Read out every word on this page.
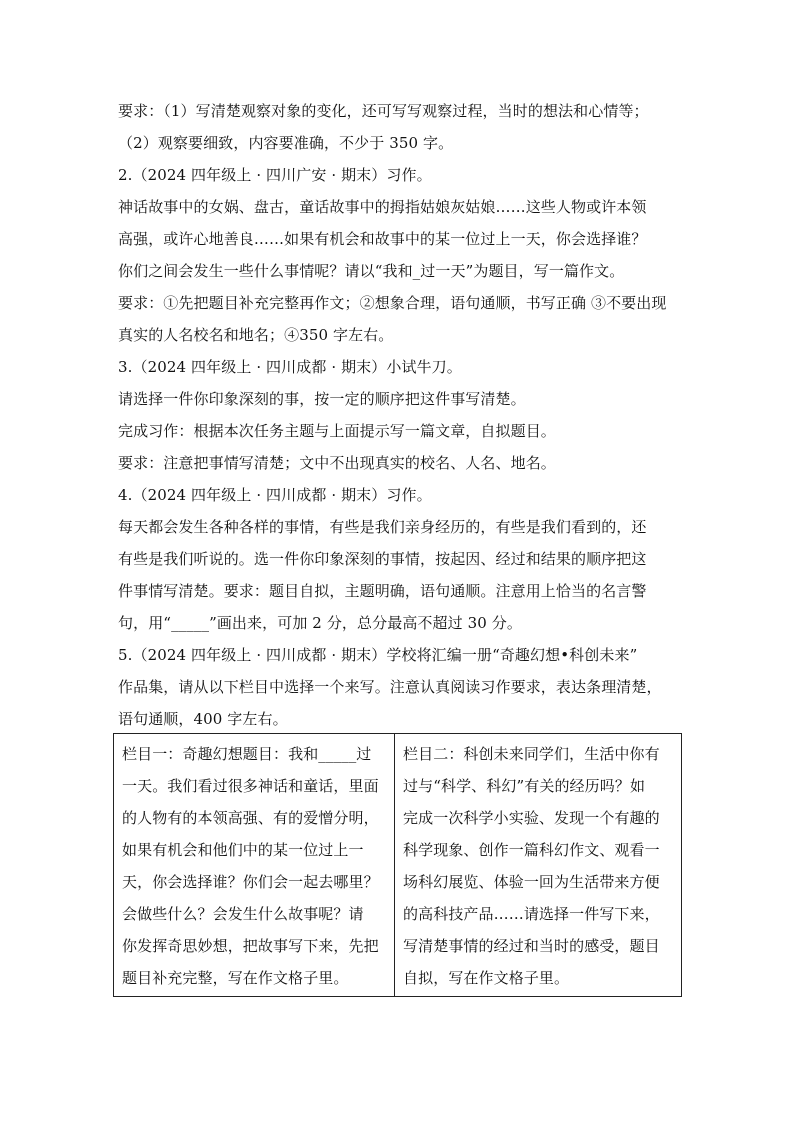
要求：（1）写清楚观察对象的变化，还可写写观察过程，当时的想法和心情等；
（2）观察要细致，内容要准确，不少于 350 字。
2.（2024 四年级上 · 四川广安 · 期末）习作。
神话故事中的女娲、盘古，童话故事中的拇指姑娘灰姑娘……这些人物或许本领
高强，或许心地善良……如果有机会和故事中的某一位过上一天，你会选择谁？
你们之间会发生一些什么事情呢？请以“我和_过一天”为题目，写一篇作文。
要求：①先把题目补充完整再作文；②想象合理，语句通顺，书写正确 ③不要出现
真实的人名校名和地名；④350 字左右。
3.（2024 四年级上 · 四川成都 · 期末）小试牛刀。
请选择一件你印象深刻的事，按一定的顺序把这件事写清楚。
完成习作：根据本次任务主题与上面提示写一篇文章，自拟题目。
要求：注意把事情写清楚；文中不出现真实的校名、人名、地名。
4.（2024 四年级上 · 四川成都 · 期末）习作。
每天都会发生各种各样的事情，有些是我们亲身经历的，有些是我们看到的，还
有些是我们听说的。选一件你印象深刻的事情，按起因、经过和结果的顺序把这
件事情写清楚。要求：题目自拟，主题明确，语句通顺。注意用上恰当的名言警
句，用“_____”画出来，可加 2 分，总分最高不超过 30 分。
5.（2024 四年级上 · 四川成都 · 期末）学校将汇编一册“奇趣幻想•科创未来”
作品集，请从以下栏目中选择一个来写。注意认真阅读习作要求，表达条理清楚，
语句通顺，400 字左右。
栏目一：奇趣幻想题目：我和_____过
一天。我们看过很多神话和童话，里面
的人物有的本领高强、有的爱憎分明，
如果有机会和他们中的某一位过上一
天，你会选择谁？你们会一起去哪里？
会做些什么？会发生什么故事呢？请
你发挥奇思妙想，把故事写下来，先把
题目补充完整，写在作文格子里。
栏目二：科创未来同学们，生活中你有
过与“科学、科幻”有关的经历吗？如
完成一次科学小实验、发现一个有趣的
科学现象、创作一篇科幻作文、观看一
场科幻展览、体验一回为生活带来方便
的高科技产品……请选择一件写下来，
写清楚事情的经过和当时的感受，题目
自拟，写在作文格子里。
